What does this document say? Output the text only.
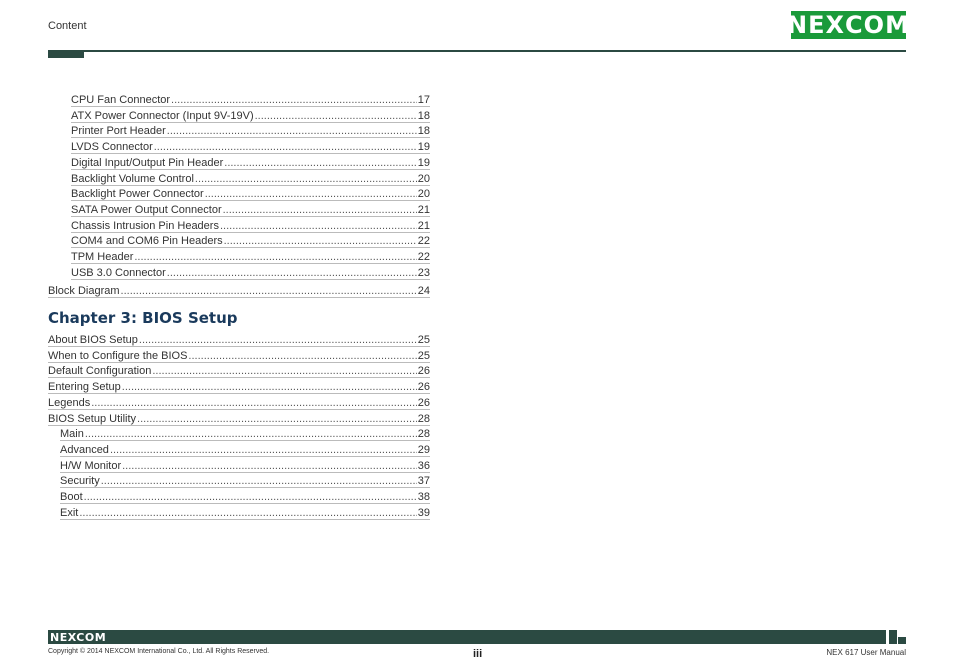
Content	NE X COM
CPU Fan Connector .....	17
ATX Power Connector (Input 9V-19V) .....	18
Printer Port Header .....	18
LVDS Connector .....	19
Digital Input/Output Pin Header .....	19
Backlight Volume Control .....	20
Backlight Power Connector .....	20
SATA Power Output Connector .....	21
Chassis Intrusion Pin Headers .....	21
COM4 and COM6 Pin Headers .....	22
TPM Header .....	22
USB 3.0 Connector .....	23
Block Diagram .....	24
Chapter 3: BIOS Setup
About BIOS Setup .....	25
When to Configure the BIOS .....	25
Default Configuration .....	26
Entering Setup .....	26
Legends .....	26
BIOS Setup Utility .....	28
Main .....	28
Advanced .....	29
H/W Monitor .....	36
Security .....	37
Boot .....	38
Exit .....	39
NEXCOM
Copyright © 2014 NEXCOM International Co., Ltd. All Rights Reserved.	iii	NEX 617 User Manual
